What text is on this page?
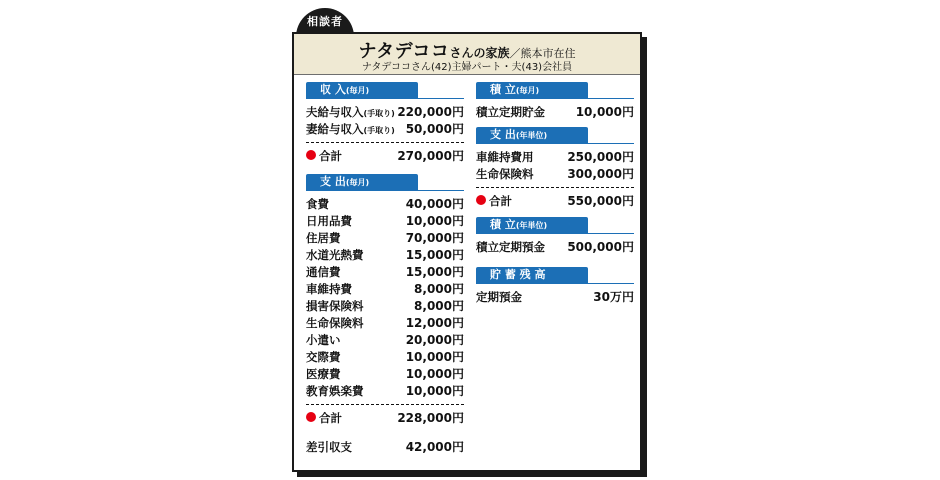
相談者
ナタデココさんの家族／熊本市在住
ナタデココさん(42)主婦パート・夫(43)会社員
収 入(毎月)
夫給与収入(手取り) 220,000円
妻給与収入(手取り) 50,000円
合計	270,000円
支 出(毎月)
食費	40,000円
日用品費	10,000円
住居費	70,000円
水道光熱費	15,000円
通信費	15,000円
車維持費	8,000円
損害保険料	8,000円
生命保険料	12,000円
小遣い	20,000円
交際費	10,000円
医療費	10,000円
教育娯楽費	10,000円
合計	228,000円
差引収支	42,000円
積 立(毎月)
積立定期貯金	10,000円
支 出(年単位)
車維持費用	250,000円
生命保険料	300,000円
合計	550,000円
積 立(年単位)
積立定期預金 500,000円
貯 蓄 残 高
定期預金	30万円
